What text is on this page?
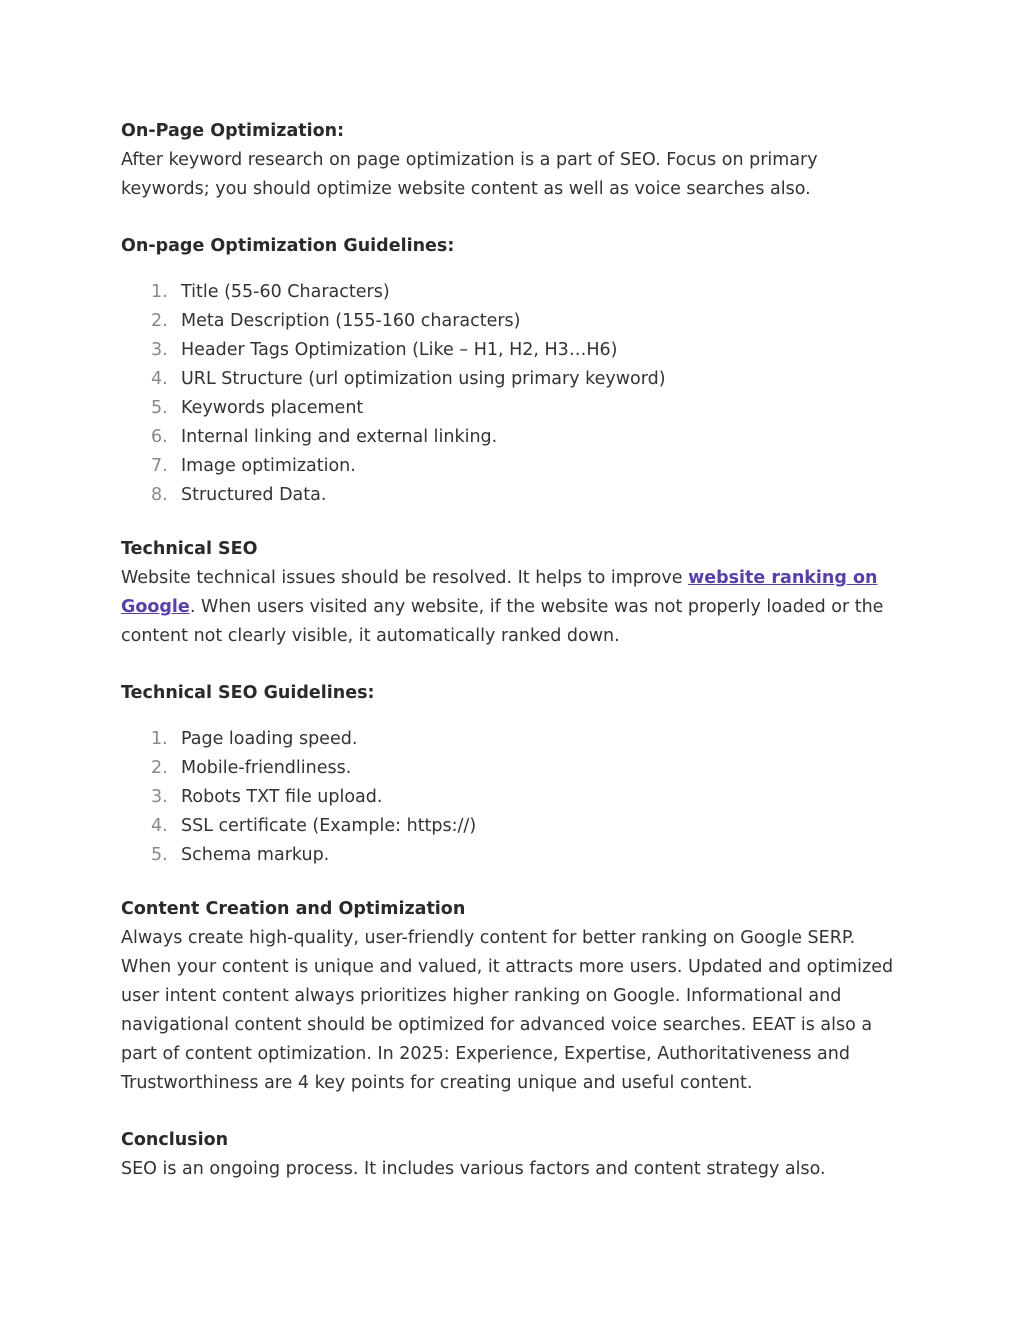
On-Page Optimization:

After keyword research on page optimization is a part of SEO. Focus on primary keywords; you should optimize website content as well as voice searches also.

On-page Optimization Guidelines:

1. Title (55-60 Characters)
2. Meta Description (155-160 characters)
3. Header Tags Optimization (Like – H1, H2, H3…H6)
4. URL Structure (url optimization using primary keyword)
5. Keywords placement
6. Internal linking and external linking.
7. Image optimization.
8. Structured Data.

Technical SEO

Website technical issues should be resolved. It helps to improve website ranking on Google. When users visited any website, if the website was not properly loaded or the content not clearly visible, it automatically ranked down.

Technical SEO Guidelines:

1. Page loading speed.
2. Mobile-friendliness.
3. Robots TXT file upload.
4. SSL certificate (Example: https://)
5. Schema markup.

Content Creation and Optimization

Always create high-quality, user-friendly content for better ranking on Google SERP. When your content is unique and valued, it attracts more users. Updated and optimized user intent content always prioritizes higher ranking on Google. Informational and navigational content should be optimized for advanced voice searches. EEAT is also a part of content optimization. In 2025: Experience, Expertise, Authoritativeness and Trustworthiness are 4 key points for creating unique and useful content.

Conclusion

SEO is an ongoing process. It includes various factors and content strategy also.
